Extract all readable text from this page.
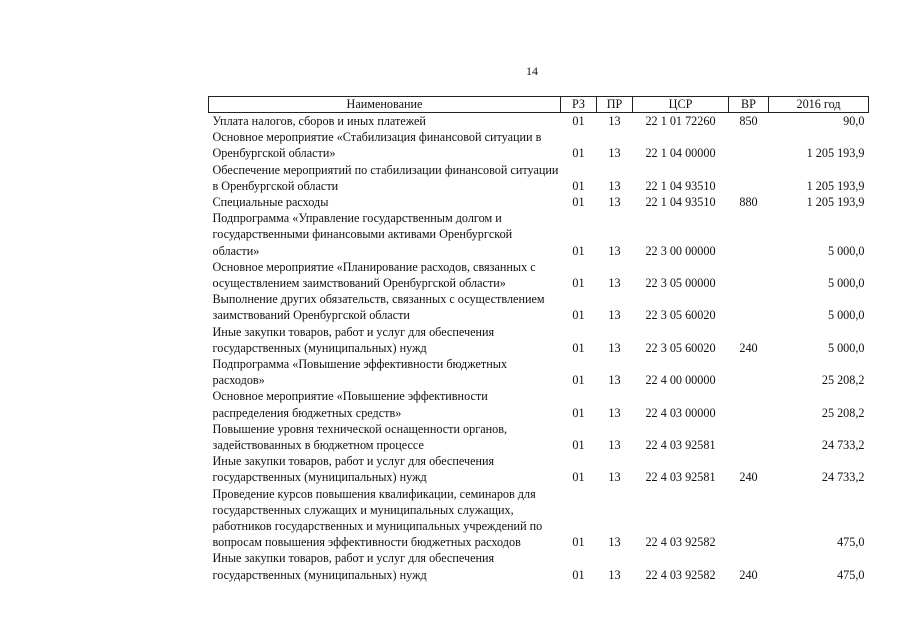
14
Наименование	РЗ	ПР	ЦСР	ВР	2016 год
Уплата налогов, сборов и иных платежей	01	13	22 1 01 72260	850	90,0
Основное мероприятие «Стабилизация финансовой ситуации в Оренбургской области»	01	13	22 1 04 00000		1 205 193,9
Обеспечение мероприятий по стабилизации финансовой ситуации в Оренбургской области	01	13	22 1 04 93510		1 205 193,9
Специальные расходы	01	13	22 1 04 93510	880	1 205 193,9
Подпрограмма «Управление государственным долгом и государственными финансовыми активами Оренбургской области»	01	13	22 3 00 00000		5 000,0
Основное мероприятие «Планирование расходов, связанных с осуществлением заимствований Оренбургской области»	01	13	22 3 05 00000		5 000,0
Выполнение других обязательств, связанных с осуществлением заимствований Оренбургской области	01	13	22 3 05 60020		5 000,0
Иные закупки товаров, работ и услуг для обеспечения государственных (муниципальных) нужд	01	13	22 3 05 60020	240	5 000,0
Подпрограмма «Повышение эффективности бюджетных расходов»	01	13	22 4 00 00000		25 208,2
Основное мероприятие «Повышение эффективности распределения бюджетных средств»	01	13	22 4 03 00000		25 208,2
Повышение уровня технической оснащенности органов, задействованных в бюджетном процессе	01	13	22 4 03 92581		24 733,2
Иные закупки товаров, работ и услуг для обеспечения государственных (муниципальных) нужд	01	13	22 4 03 92581	240	24 733,2
Проведение курсов повышения квалификации, семинаров для государственных служащих и муниципальных служащих, работников государственных и муниципальных учреждений по вопросам повышения эффективности бюджетных расходов	01	13	22 4 03 92582		475,0
Иные закупки товаров, работ и услуг для обеспечения государственных (муниципальных) нужд	01	13	22 4 03 92582	240	475,0
